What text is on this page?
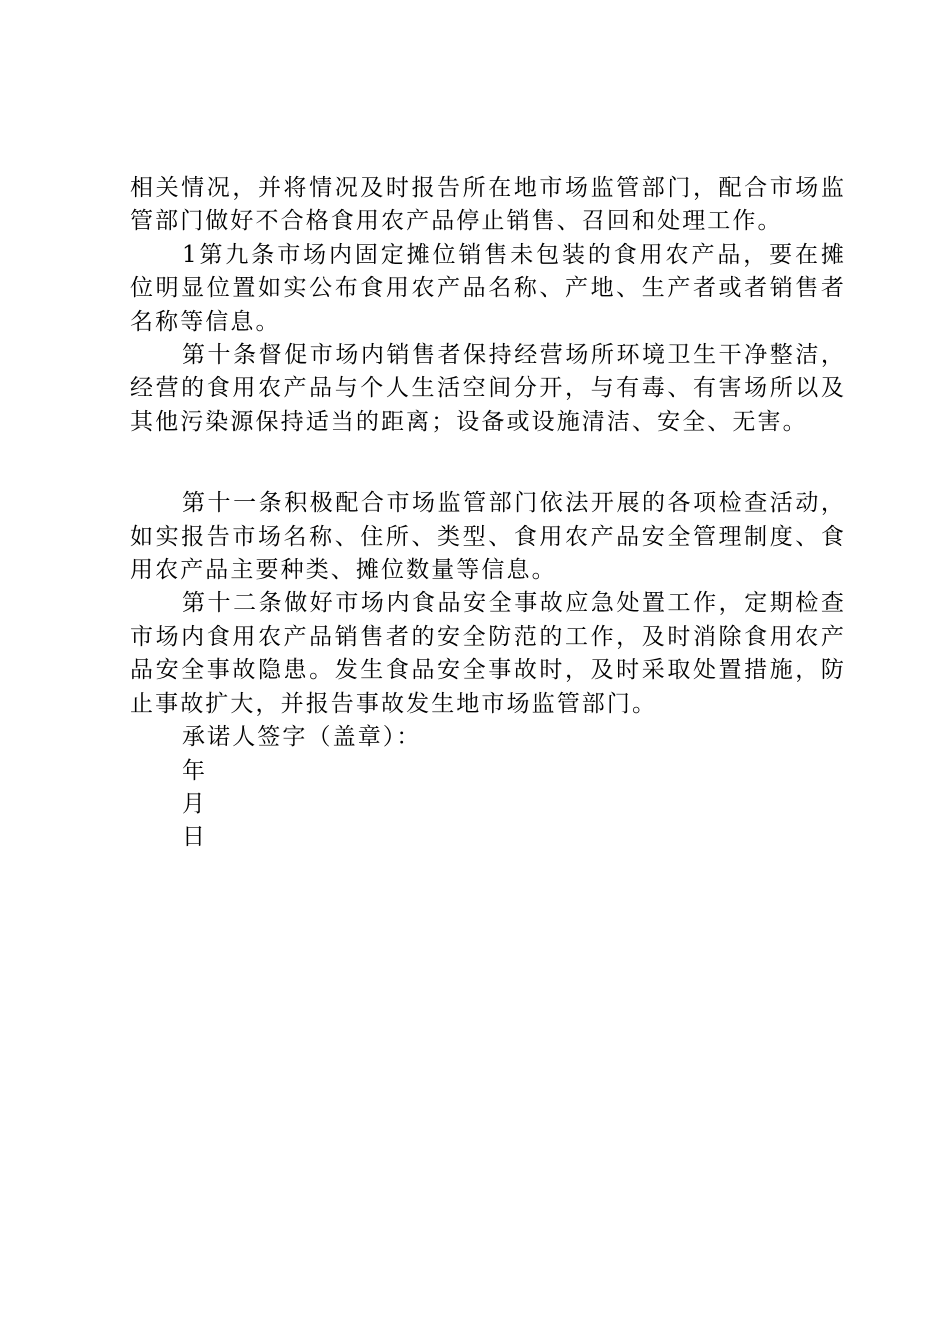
相关情况，并将情况及时报告所在地市场监管部门，配合市场监管部门做好不合格食用农产品停止销售、召回和处理工作。

1第九条市场内固定摊位销售未包装的食用农产品，要在摊位明显位置如实公布食用农产品名称、产地、生产者或者销售者名称等信息。

第十条督促市场内销售者保持经营场所环境卫生干净整洁，经营的食用农产品与个人生活空间分开，与有毒、有害场所以及其他污染源保持适当的距离；设备或设施清洁、安全、无害。

第十一条积极配合市场监管部门依法开展的各项检查活动，如实报告市场名称、住所、类型、食用农产品安全管理制度、食用农产品主要种类、摊位数量等信息。

第十二条做好市场内食品安全事故应急处置工作，定期检查市场内食用农产品销售者的安全防范的工作，及时消除食用农产品安全事故隐患。发生食品安全事故时，及时采取处置措施，防止事故扩大，并报告事故发生地市场监管部门。

承诺人签字（盖章）：
年
月
日
